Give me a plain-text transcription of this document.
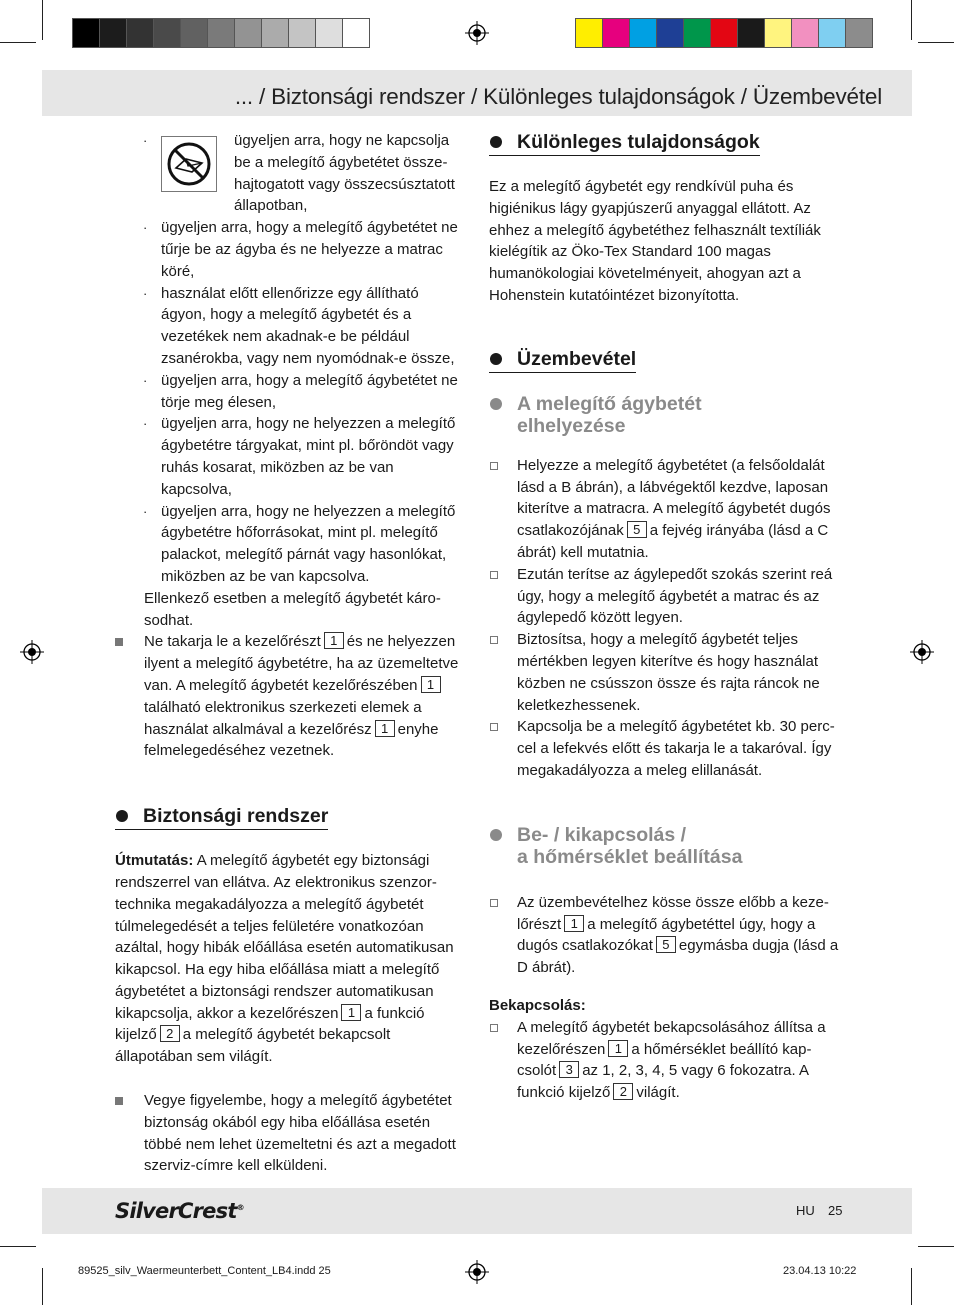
... / Biztonsági rendszer / Különleges tulajdonságok / Üzembevétel
·	ügyeljen arra, hogy ne kapcsolja be a melegítő ágybetétet össze-hajtogatott vagy összecsúsztatott állapotban,
· ügyeljen arra, hogy a melegítő ágybetétet ne tűrje be az ágyba és ne helyezze a matrac köré,
· használat előtt ellenőrizze egy állítható ágyon, hogy a melegítő ágybetét és a vezetékek nem akadnak-e be például zsanérokba, vagy nem nyomódnak-e össze,
· ügyeljen arra, hogy a melegítő ágybetétet ne törje meg élesen,
· ügyeljen arra, hogy ne helyezzen a melegítő ágybetétre tárgyakat, mint pl. bőröndöt vagy ruhás kosarat, miközben az be van kapcsolva,
· ügyeljen arra, hogy ne helyezzen a melegítő ágybetétre hőforrásokat, mint pl. melegítő palackot, melegítő párnát vagy hasonlókat, miközben az be van kapcsolva.

Ellenkező esetben a melegítő ágybetét káro-sodhat.

Ne takarja le a kezelőrészt 1 és ne helyezzen ilyent a melegítő ágybetétre, ha az üzemeltetve van. A melegítő ágybetét kezelőrészében 1található elektronikus szerkezeti elemek a használat alkalmával a kezelőrész 1 enyhe felmelegedéséhez vezetnek.
Biztonsági rendszer

Útmutatás: A melegítő ágybetét egy biztonsági rendszerrel van ellátva. Az elektronikus szenzor-technika megakadályozza a melegítő ágybetét túlmelegedését a teljes felületére vonatkozóan azáltal, hogy hibák előállása esetén automatikusan kikapcsol. Ha egy hiba előállása miatt a melegítő ágybetétet a biztonsági rendszer automatikusan kikapcsolja, akkor a kezelőrészen 1 a funkció kijelző 2 a melegítő ágybetét bekapcsolt állapotában sem világít.

Vegye figyelembe, hogy a melegítő ágybetétet biztonság okából egy hiba előállása esetén többé nem lehet üzemeltetni és azt a megadott szerviz-címre kell elküldeni.
Különleges tulajdonságok

Ez a melegítő ágybetét egy rendkívül puha és higiénikus lágy gyapjúszerű anyaggal ellátott. Az ehhez a melegítő ágybetéthez felhasznált textíliák kielégítik az Öko-Tex Standard 100 magas humanökologiai követelményeit, ahogyan azt a Hohenstein kutatóintézet bizonyította.

Üzembevétel
A melegítő ágybetét
elhelyezése
Helyezze a melegítő ágybetétet (a felsőoldalát lásd a B ábrán), a lábvégektől kezdve, laposan kiterítve a matracra. A melegítő ágybetét dugós csatlakozójának 5 a fejvég irányába (lásd a C ábrát) kell mutatnia.
Ezután terítse az ágylepedőt szokás szerint reá úgy, hogy a melegítő ágybetét a matrac és az ágylepedő között legyen.
Biztosítsa, hogy a melegítő ágybetét teljes mértékben legyen kiterítve és hogy használat közben ne csússzon össze és rajta ráncok ne keletkezhessenek.
Kapcsolja be a melegítő ágybetétet kb. 30 perc-cel a lefekvés előtt és takarja le a takaróval. Így megakadályozza a meleg elillanását.
Be- / kikapcsolás /
a hőmérséklet beállítása
Az üzembevételhez kösse össze előbb a keze-lőrészt 1 a melegítő ágybetéttel úgy, hogy a dugós csatlakozókat 5 egymásba dugja (lásd a D ábrát).

Bekapcsolás:

A melegítő ágybetét bekapcsolásához állítsa a kezelőrészen 1 a hőmérséklet beállító kap-csolót 3 az 1, 2, 3, 4, 5 vagy 6 fokozatra. A funkció kijelző 2 világít.
SilverCrest®	HU 25
89525_silv_Waermeunterbett_Content_LB4.indd 25	23.04.13 10:22
